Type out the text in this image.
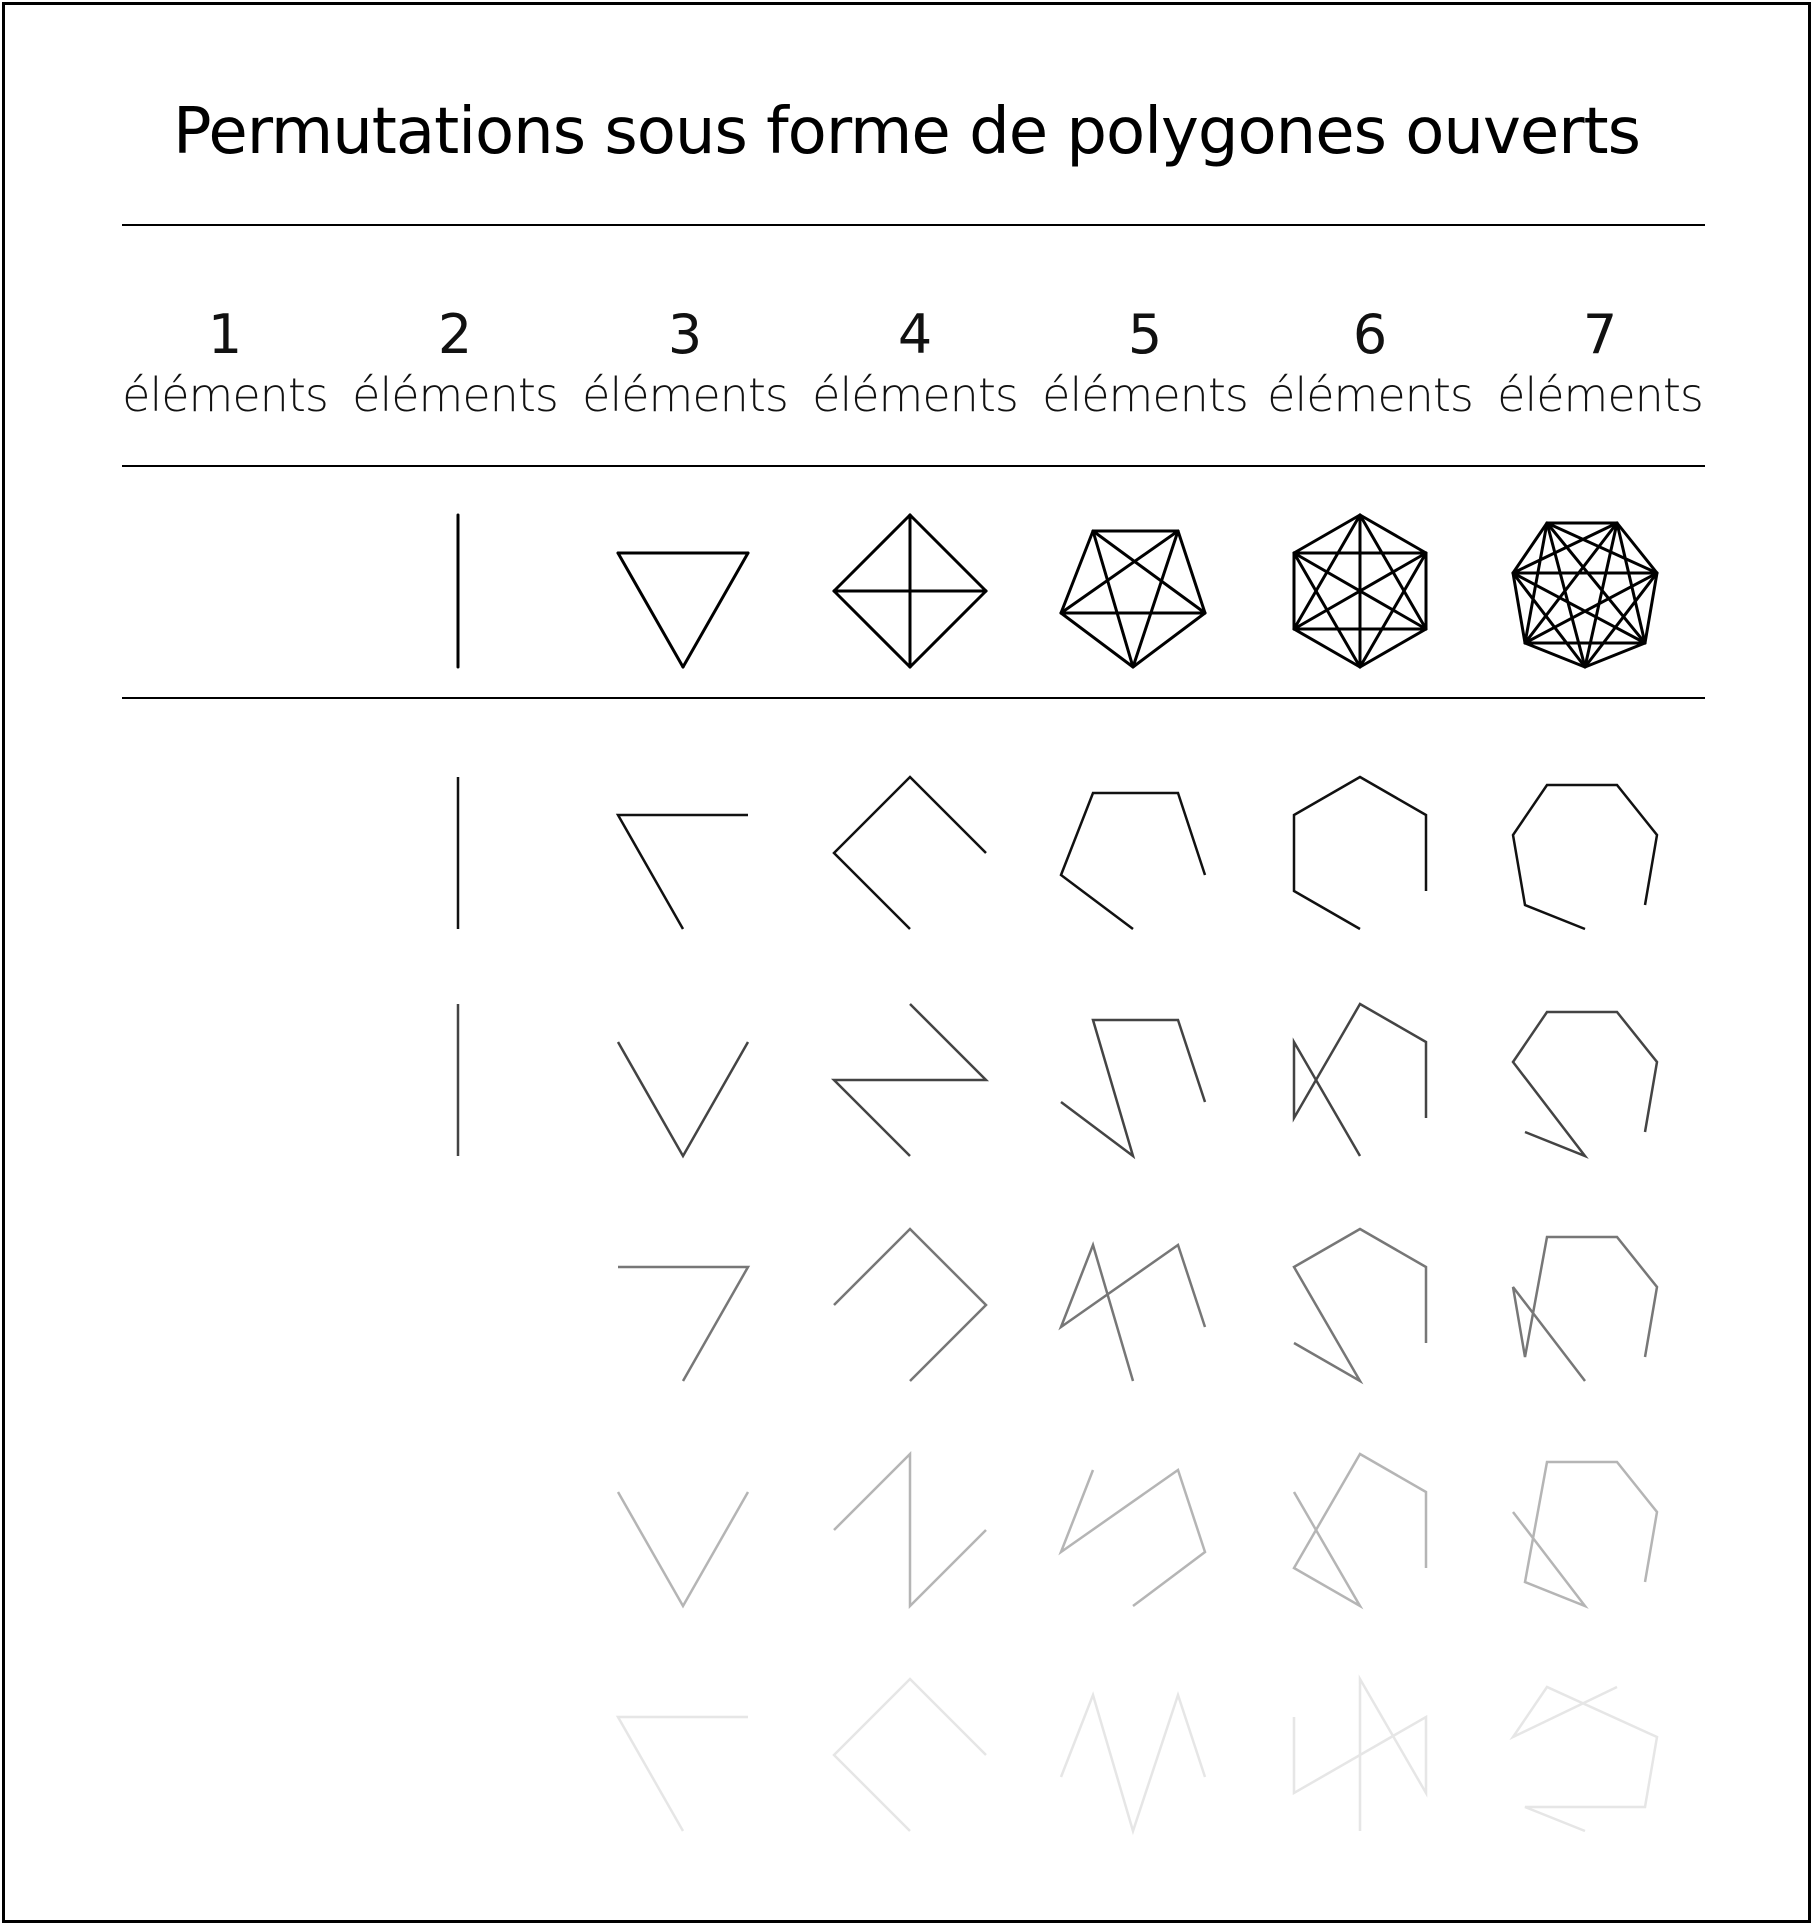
Permutations sous forme de polygones ouverts
1
éléments
2
éléments
3
éléments
4
éléments
5
éléments
6
éléments
7
éléments
